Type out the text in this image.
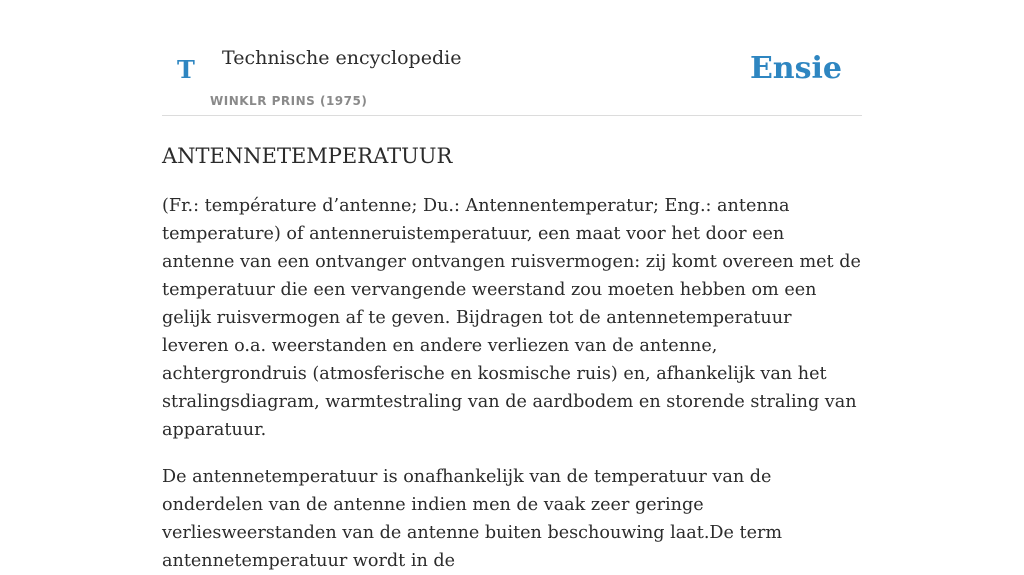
T Technische encyclopedie
WINKLR PRINS (1975)
Ensie
ANTENNETEMPERATUUR

(Fr.: température d’antenne; Du.: Antennentemperatur; Eng.: antenna temperature) of antenneruistemperatuur, een maat voor het door een antenne van een ontvanger ontvangen ruisvermogen: zij komt overeen met de temperatuur die een vervangende weerstand zou moeten hebben om een gelijk ruisvermogen af te geven. Bijdragen tot de antennetemperatuur leveren o.a. weerstanden en andere verliezen van de antenne, achtergrondruis (atmosferische en kosmische ruis) en, afhankelijk van het stralingsdiagram, warmtestraling van de aardbodem en storende straling van apparatuur.

De antennetemperatuur is onafhankelijk van de temperatuur van de onderdelen van de antenne indien men de vaak zeer geringe verliesweerstanden van de antenne buiten beschouwing laat.De term antennetemperatuur wordt in de
